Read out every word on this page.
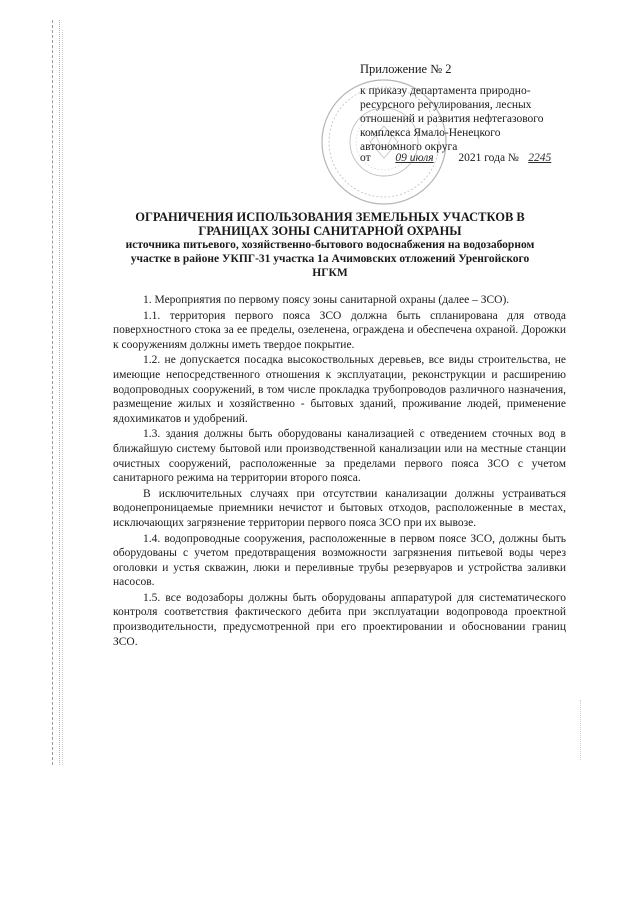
Приложение № 2
к приказу департамента природно-ресурсного регулирования, лесных отношений и развития нефтегазового комплекса Ямало-Ненецкого автономного округа
от 09 июля 2021 года № 2245
ОГРАНИЧЕНИЯ ИСПОЛЬЗОВАНИЯ ЗЕМЕЛЬНЫХ УЧАСТКОВ В ГРАНИЦАХ ЗОНЫ САНИТАРНОЙ ОХРАНЫ
источника питьевого, хозяйственно-бытового водоснабжения на водозаборном участке в районе УКПГ-31 участка 1а Ачимовских отложений Уренгойского НГКМ

1. Мероприятия по первому поясу зоны санитарной охраны (далее – ЗСО).

1.1. территория первого пояса ЗСО должна быть спланирована для отвода поверхностного стока за ее пределы, озеленена, ограждена и обеспечена охраной. Дорожки к сооружениям должны иметь твердое покрытие.

1.2. не допускается посадка высокоствольных деревьев, все виды строительства, не имеющие непосредственного отношения к эксплуатации, реконструкции и расширению водопроводных сооружений, в том числе прокладка трубопроводов различного назначения, размещение жилых и хозяйственно - бытовых зданий, проживание людей, применение ядохимикатов и удобрений.

1.3. здания должны быть оборудованы канализацией с отведением сточных вод в ближайшую систему бытовой или производственной канализации или на местные станции очистных сооружений, расположенные за пределами первого пояса ЗСО с учетом санитарного режима на территории второго пояса.

В исключительных случаях при отсутствии канализации должны устраиваться водонепроницаемые приемники нечистот и бытовых отходов, расположенные в местах, исключающих загрязнение территории первого пояса ЗСО при их вывозе.

1.4. водопроводные сооружения, расположенные в первом поясе ЗСО, должны быть оборудованы с учетом предотвращения возможности загрязнения питьевой воды через оголовки и устья скважин, люки и переливные трубы резервуаров и устройства заливки насосов.

1.5. все водозаборы должны быть оборудованы аппаратурой для систематического контроля соответствия фактического дебита при эксплуатации водопровода проектной производительности, предусмотренной при его проектировании и обосновании границ ЗСО.
